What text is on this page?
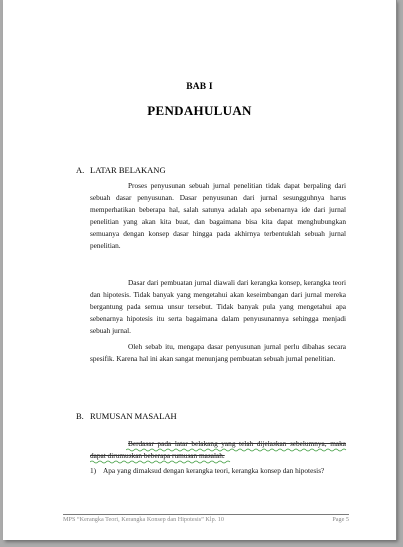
BAB I
PENDAHULUAN
A. LATAR BELAKANG

Proses penyusunan sebuah jurnal penelitian tidak dapat berpaling dari sebuah dasar penyusunan. Dasar penyusunan dari jurnal sesungguhnya harus memperhatikan beberapa hal, salah satunya adalah apa sebenarnya ide dari jurnal penelitian yang akan kita buat, dan bagaimana bisa kita dapat menghubungkan semuanya dengan konsep dasar hingga pada akhirnya terbentuklah sebuah jurnal penelitian.

Dasar dari pembuatan jurnal diawali dari kerangka konsep, kerangka teori dan hipotesis. Tidak banyak yang mengetahui akan keseimbangan dari jurnal mereka bergantung pada semua unsur tersebut. Tidak banyak pula yang mengetahui apa sebenarnya hipotesis itu serta bagaimana dalam penyusunannya sehingga menjadi sebuah jurnal.

Oleh sebab itu, mengapa dasar penyusunan jurnal perlu dibahas secara spesifik. Karena hal ini akan sangat menunjang pembuatan sebuah jurnal penelitian.

B. RUMUSAN MASALAH

Berdasar pada latar belakang yang telah dijelaskan sebelumnya, maka dapat dirumuskan beberapa rumusan masalah.

1) Apa yang dimaksud dengan kerangka teori, kerangka konsep dan hipotesis?
MPS “Kerangka Teori, Kerangka Konsep dan Hipotesis” Klp. 10	Page 5
